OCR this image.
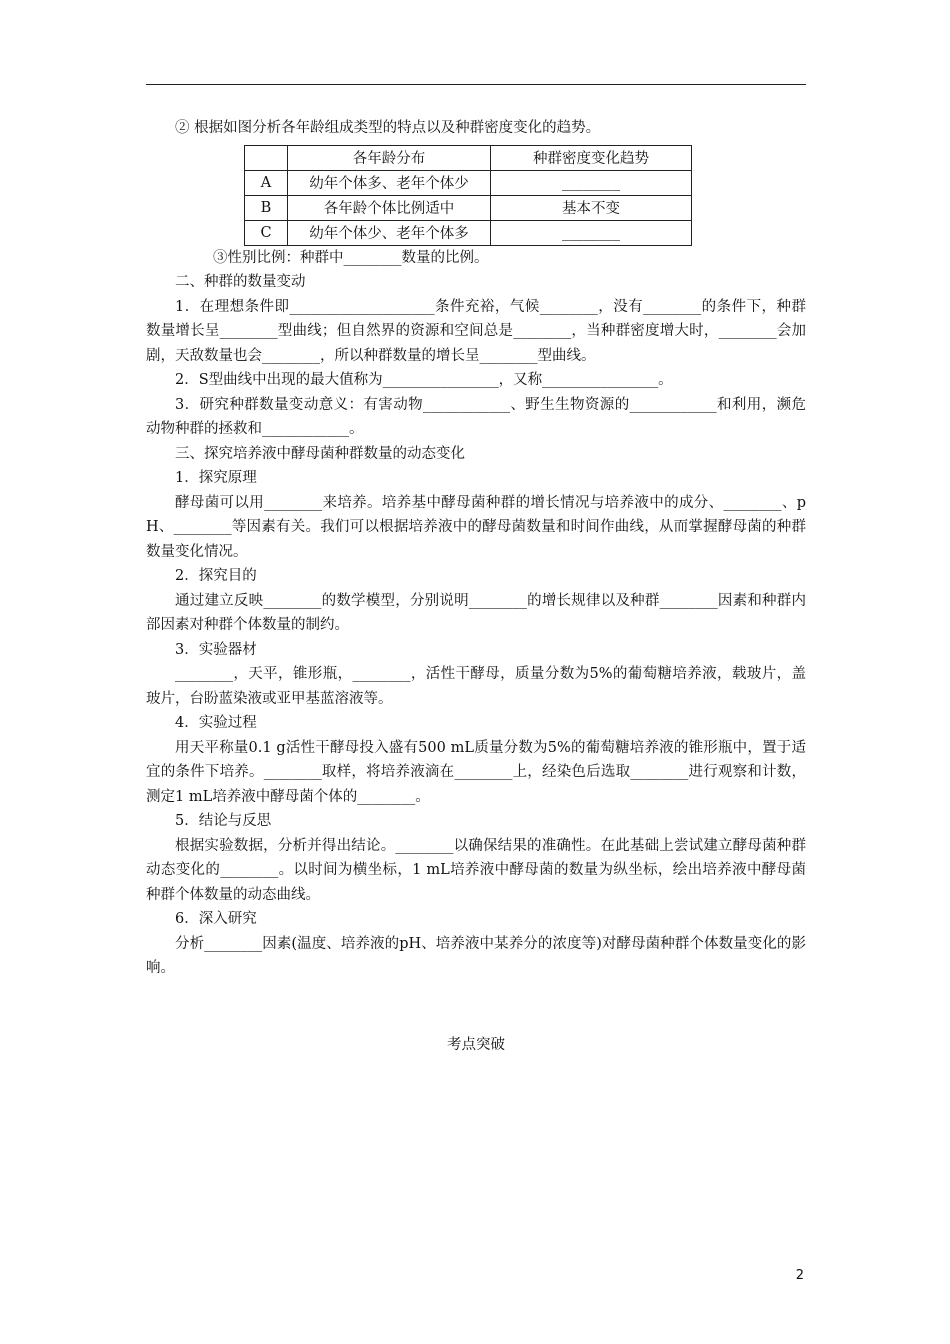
② 根据如图分析各年龄组成类型的特点以及种群密度变化的趋势。
	各年龄分布	种群密度变化趋势
A	幼年个体多、老年个体少	________
B	各年龄个体比例适中	基本不变
C	幼年个体少、老年个体多	________
③性别比例：种群中________数量的比例。
二、种群的数量变动
1．在理想条件即____________________条件充裕，气候________，没有________的条件下，种群数量增长呈________型曲线；但自然界的资源和空间总是________，当种群密度增大时，________会加剧，天敌数量也会________，所以种群数量的增长呈________型曲线。
2．S型曲线中出现的最大值称为________________，又称________________。
3．研究种群数量变动意义：有害动物____________、野生生物资源的____________和利用，濒危动物种群的拯救和____________。
三、探究培养液中酵母菌种群数量的动态变化
1．探究原理
酵母菌可以用________来培养。培养基中酵母菌种群的增长情况与培养液中的成分、________、pH、________等因素有关。我们可以根据培养液中的酵母菌数量和时间作曲线，从而掌握酵母菌的种群数量变化情况。
2．探究目的
通过建立反映________的数学模型，分别说明________的增长规律以及种群________因素和种群内部因素对种群个体数量的制约。
3．实验器材
________，天平，锥形瓶，________，活性干酵母，质量分数为5%的葡萄糖培养液，载玻片，盖玻片，台盼蓝染液或亚甲基蓝溶液等。
4．实验过程
用天平称量0.1 g活性干酵母投入盛有500 mL质量分数为5%的葡萄糖培养液的锥形瓶中，置于适宜的条件下培养。________取样，将培养液滴在________上，经染色后选取________进行观察和计数，测定1 mL培养液中酵母菌个体的________。
5．结论与反思
根据实验数据，分析并得出结论。________以确保结果的准确性。在此基础上尝试建立酵母菌种群动态变化的________。以时间为横坐标，1 mL培养液中酵母菌的数量为纵坐标，绘出培养液中酵母菌种群个体数量的动态曲线。
6．深入研究
分析________因素(温度、培养液的pH、培养液中某养分的浓度等)对酵母菌种群个体数量变化的影响。
考点突破
2
